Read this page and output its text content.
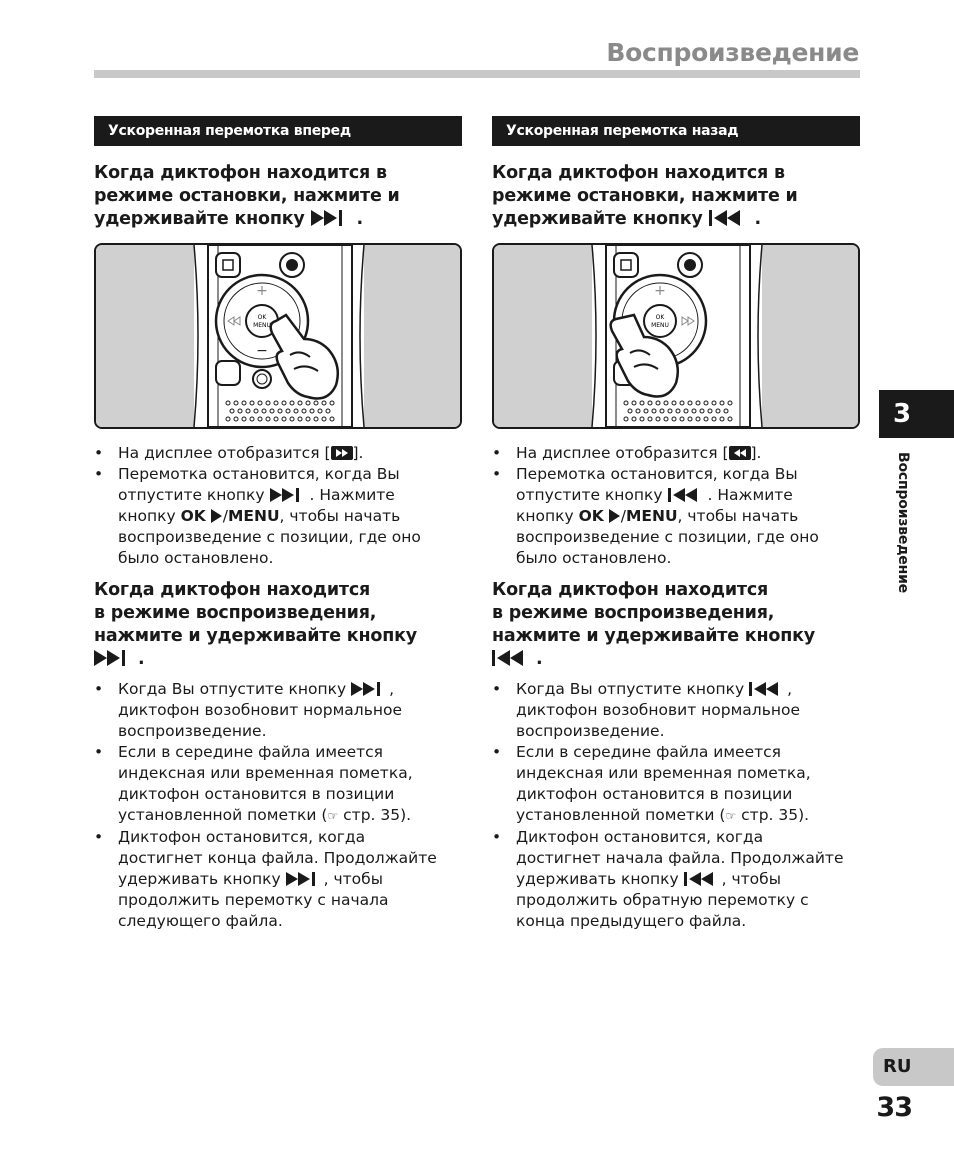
Воспроизведение
Ускоренная перемотка вперед
Когда диктофон находится в
режиме остановки, нажмите и
удерживайте кнопку	.
OK
MENU
+
−
• На дисплее отобразится [ ].
• Перемотка остановится, когда Вы
отпустите кнопку	. Нажмите
кнопку OK /MENU, чтобы начать
воспроизведение с позиции, где оно
было остановлено.
Когда диктофон находится
в режиме воспроизведения,
нажмите и удерживайте кнопку
.
• Когда Вы отпустите кнопку	,
диктофон возобновит нормальное
воспроизведение.
• Если в середине файла имеется
индексная или временная пометка,
диктофон остановится в позиции
установленной пометки (☞ стр. 35).
• Диктофон остановится, когда
достигнет конца файла. Продолжайте
удерживать кнопку	, чтобы
продолжить перемотку с начала
следующего файла.
Ускоренная перемотка назад
Когда диктофон находится в
режиме остановки, нажмите и
удерживайте кнопку	.
OK
MENU
+
• На дисплее отобразится [ ].
• Перемотка остановится, когда Вы
отпустите кнопку	. Нажмите
кнопку OK /MENU, чтобы начать
воспроизведение с позиции, где оно
было остановлено.
Когда диктофон находится
в режиме воспроизведения,
нажмите и удерживайте кнопку
.
• Когда Вы отпустите кнопку	,
диктофон возобновит нормальное
воспроизведение.
• Если в середине файла имеется
индексная или временная пометка,
диктофон остановится в позиции
установленной пометки (☞ стр. 35).
• Диктофон остановится, когда
достигнет начала файла. Продолжайте
удерживать кнопку	, чтобы
продолжить обратную перемотку с
конца предыдущего файла.
3
Воспроизведение
RU
33
